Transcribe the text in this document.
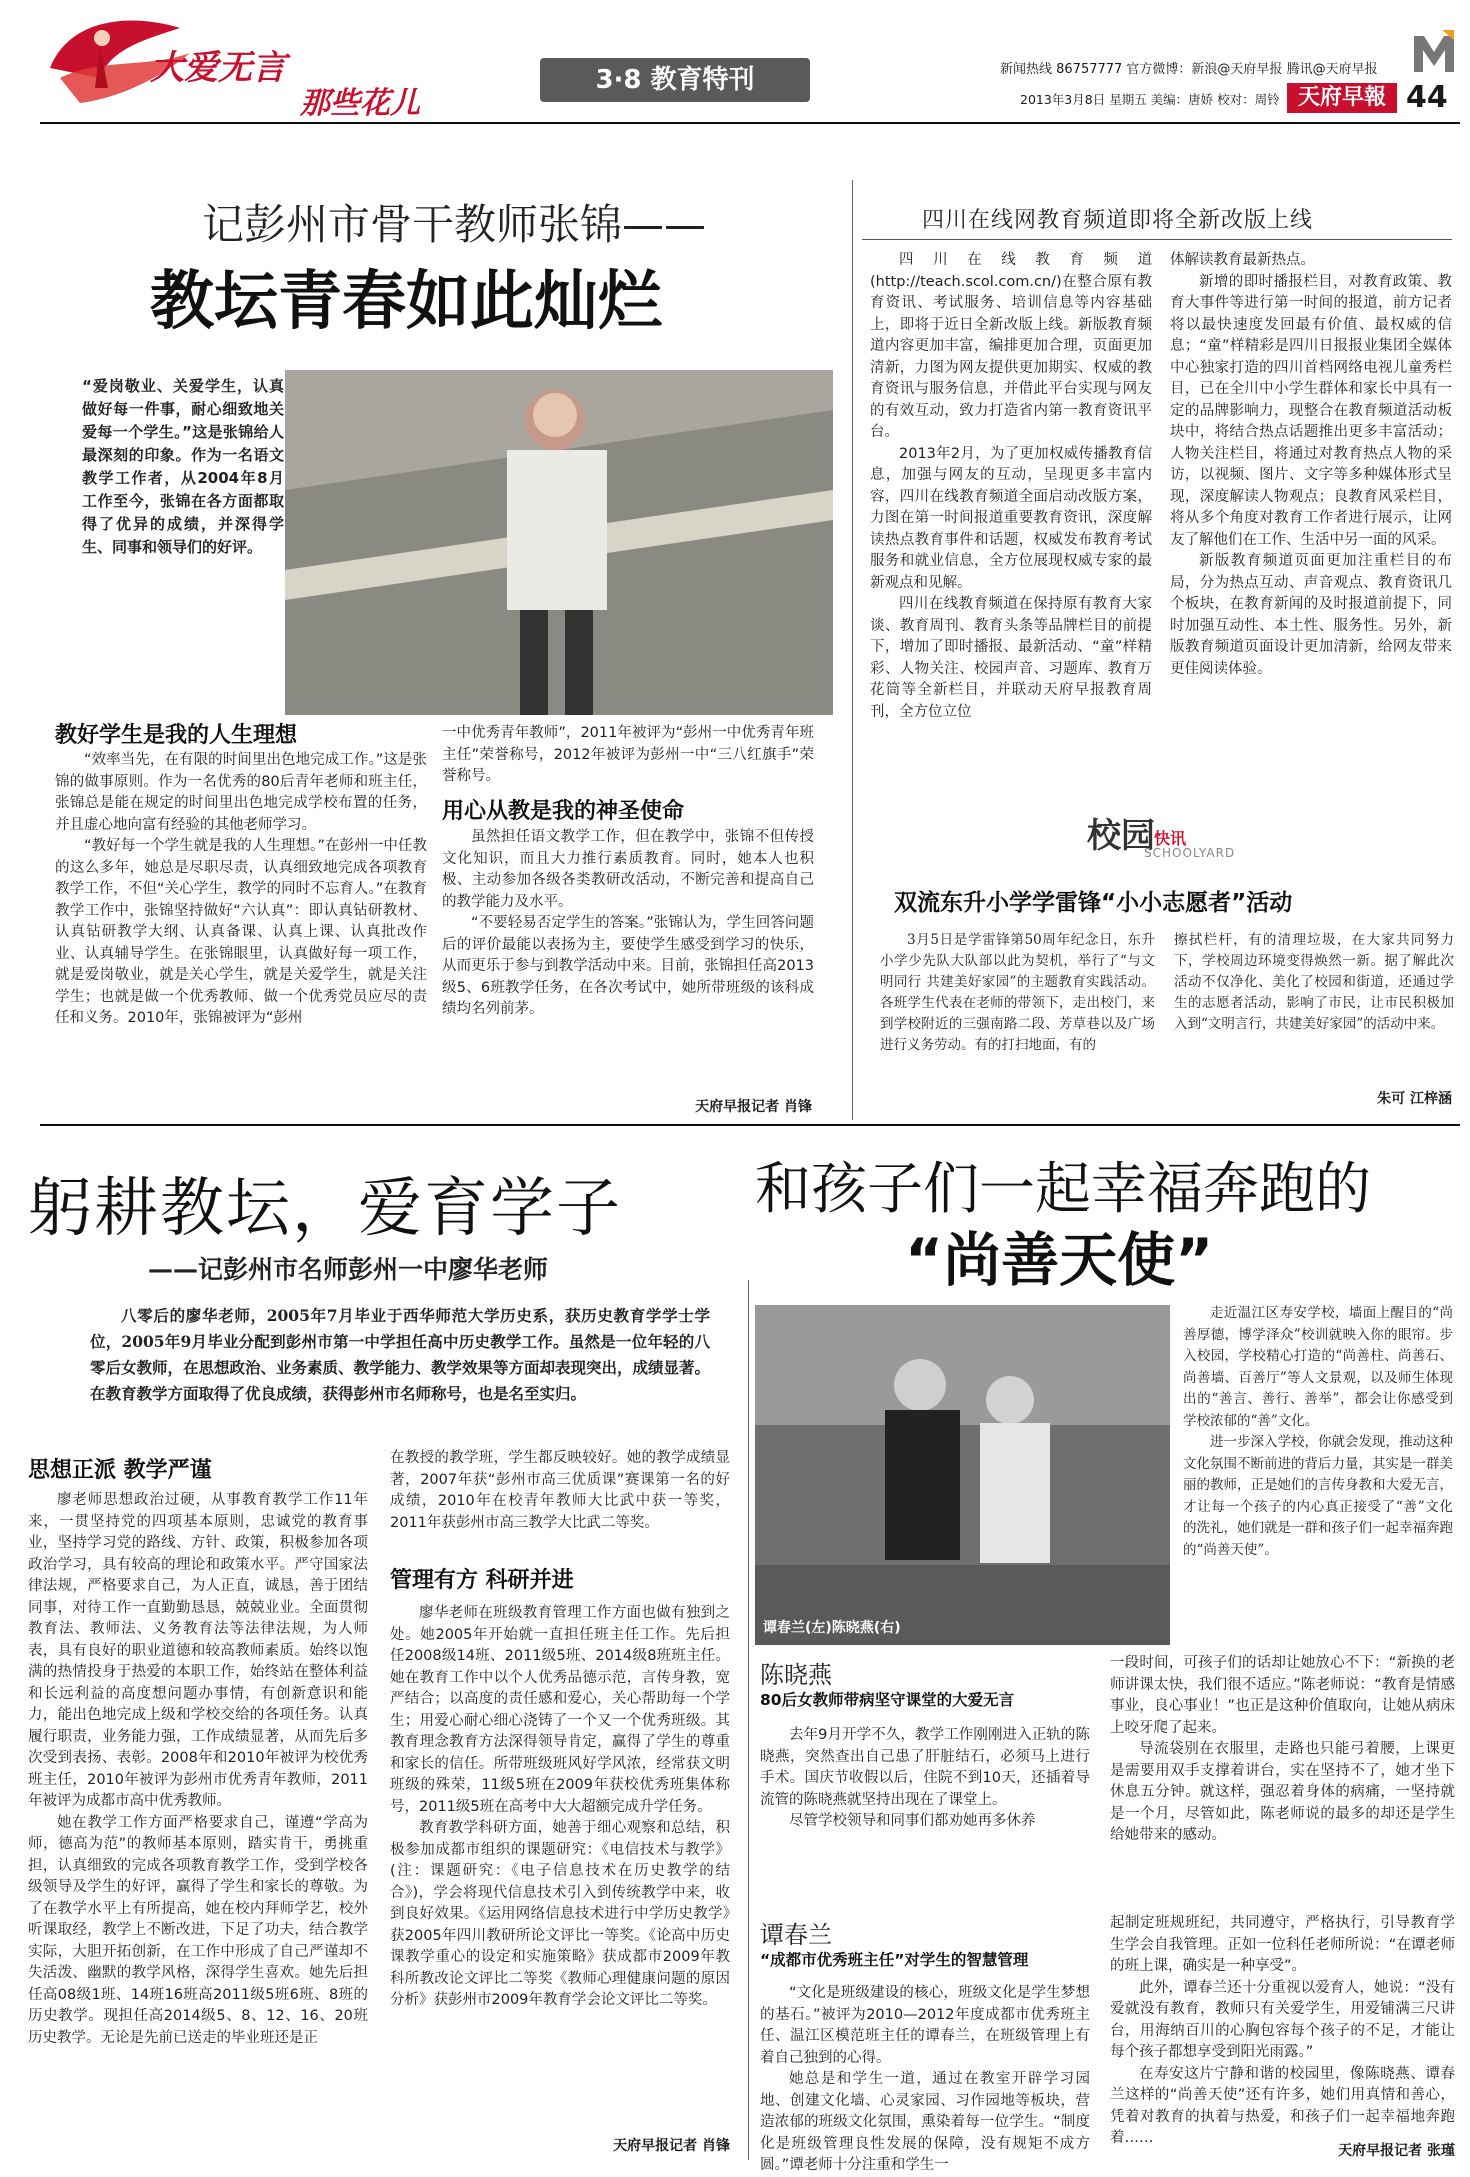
大爱无言
那些花儿
3·8 教育特刊	新闻热线 86757777 官方微博：新浪@天府早报 腾讯@天府早报
2013年3月8日 星期五 美编：唐娇 校对：周铃 天府早報 44
记彭州市骨干教师张锦——
教坛青春如此灿烂
“爱岗敬业、关爱学生，认真做好每一件事，耐心细致地关爱每一个学生。”这是张锦给人最深刻的印象。作为一名语文教学工作者，从2004年8月工作至今，张锦在各方面都取得了优异的成绩，并深得学生、同事和领导们的好评。
教好学生是我的人生理想

“效率当先，在有限的时间里出色地完成工作。”这是张锦的做事原则。作为一名优秀的80后青年老师和班主任，张锦总是能在规定的时间里出色地完成学校布置的任务，并且虚心地向富有经验的其他老师学习。

“教好每一个学生就是我的人生理想。”在彭州一中任教的这么多年，她总是尽职尽责，认真细致地完成各项教育教学工作，不但“关心学生，教学的同时不忘育人。”在教育教学工作中，张锦坚持做好“六认真”：即认真钻研教材、认真钻研教学大纲、认真备课、认真上课、认真批改作业、认真辅导学生。在张锦眼里，认真做好每一项工作，就是爱岗敬业，就是关心学生，就是关爱学生，就是关注学生；也就是做一个优秀教师、做一个优秀党员应尽的责任和义务。2010年，张锦被评为“彭州

一中优秀青年教师”，2011年被评为“彭州一中优秀青年班主任”荣誉称号，2012年被评为彭州一中“三八红旗手”荣誉称号。

用心从教是我的神圣使命

虽然担任语文教学工作，但在教学中，张锦不但传授文化知识，而且大力推行素质教育。同时，她本人也积极、主动参加各级各类教研改活动，不断完善和提高自己的教学能力及水平。

“不要轻易否定学生的答案。”张锦认为，学生回答问题后的评价最能以表扬为主，要使学生感受到学习的快乐，从而更乐于参与到教学活动中来。目前，张锦担任高2013级5、6班教学任务，在各次考试中，她所带班级的该科成绩均名列前茅。

天府早报记者 肖锋
四川在线网教育频道即将全新改版上线

四川在线教育频道(http://teach.scol.com.cn/)在整合原有教育资讯、考试服务、培训信息等内容基础上，即将于近日全新改版上线。新版教育频道内容更加丰富，编排更加合理，页面更加清新，力图为网友提供更加期实、权威的教育资讯与服务信息，并借此平台实现与网友的有效互动，致力打造省内第一教育资讯平台。

2013年2月，为了更加权威传播教育信息，加强与网友的互动，呈现更多丰富内容，四川在线教育频道全面启动改版方案，力图在第一时间报道重要教育资讯，深度解读热点教育事件和话题，权威发布教育考试服务和就业信息，全方位展现权威专家的最新观点和见解。

四川在线教育频道在保持原有教育大家谈、教育周刊、教育头条等品牌栏目的前提下，增加了即时播报、最新活动、“童”样精彩、人物关注、校园声音、习题库、教育万花筒等全新栏目，并联动天府早报教育周刊，全方位立位

体解读教育最新热点。

新增的即时播报栏目，对教育政策、教育大事件等进行第一时间的报道，前方记者将以最快速度发回最有价值、最权威的信息；“童”样精彩是四川日报报业集团全媒体中心独家打造的四川首档网络电视儿童秀栏目，已在全川中小学生群体和家长中具有一定的品牌影响力，现整合在教育频道活动板块中，将结合热点话题推出更多丰富活动；人物关注栏目，将通过对教育热点人物的采访，以视频、图片、文字等多种媒体形式呈现，深度解读人物观点；良教育风采栏目，将从多个角度对教育工作者进行展示，让网友了解他们在工作、生活中另一面的风采。

新版教育频道页面更加注重栏目的布局，分为热点互动、声音观点、教育资讯几个板块，在教育新闻的及时报道前提下，同时加强互动性、本土性、服务性。另外，新版教育频道页面设计更加清新，给网友带来更佳阅读体验。

校园 快讯
SCHOOLYARD
双流东升小学学雷锋“小小志愿者”活动
3月5日是学雷锋第50周年纪念日，东升小学少先队大队部以此为契机，举行了“与文明同行 共建美好家园”的主题教育实践活动。各班学生代表在老师的带领下，走出校门，来到学校附近的三强南路二段、芳草巷以及广场进行义务劳动。有的打扫地面，有的
擦拭栏杆，有的清理垃圾，在大家共同努力下，学校周边环境变得焕然一新。据了解此次活动不仅净化、美化了校园和街道，还通过学生的志愿者活动，影响了市民，让市民积极加入到“文明言行，共建美好家园”的活动中来。
朱可 江梓涵
躬耕教坛，爱育学子
——记彭州市名师彭州一中廖华老师
八零后的廖华老师，2005年7月毕业于西华师范大学历史系，获历史教育学学士学位，2005年9月毕业分配到彭州市第一中学担任高中历史教学工作。虽然是一位年轻的八零后女教师，在思想政治、业务素质、教学能力、教学效果等方面却表现突出，成绩显著。在教育教学方面取得了优良成绩，获得彭州市名师称号，也是名至实归。
思想正派 教学严谨

廖老师思想政治过硬，从事教育教学工作11年来，一贯坚持党的四项基本原则，忠诚党的教育事业，坚持学习党的路线、方针、政策，积极参加各项政治学习，具有较高的理论和政策水平。严守国家法律法规，严格要求自己，为人正直，诚恳，善于团结同事，对待工作一直勤勤恳恳，兢兢业业。全面贯彻教育法、教师法、义务教育法等法律法规，为人师表，具有良好的职业道德和较高教师素质。始终以饱满的热情投身于热爱的本职工作，始终站在整体利益和长远利益的高度想问题办事情，有创新意识和能力，能出色地完成上级和学校交给的各项任务。认真履行职责，业务能力强，工作成绩显著，从而先后多次受到表扬、表彰。2008年和2010年被评为校优秀班主任，2010年被评为彭州市优秀青年教师，2011年被评为成都市高中优秀教师。

她在教学工作方面严格要求自己，谨遵“学高为师，德高为范”的教师基本原则，踏实肯干，勇挑重担，认真细致的完成各项教育教学工作，受到学校各级领导及学生的好评，赢得了学生和家长的尊敬。为了在教学水平上有所提高，她在校内拜师学艺，校外听课取经，教学上不断改进，下足了功夫，结合教学实际，大胆开拓创新，在工作中形成了自己严谨却不失活泼、幽默的教学风格，深得学生喜欢。她先后担任高08级1班、14班16班高2011级5班6班、8班的历史教学。现担任高2014级5、8、12、16、20班历史教学。无论是先前已送走的毕业班还是正

在教授的教学班，学生都反映较好。她的教学成绩显著，2007年获“彭州市高三优质课”赛课第一名的好成绩，2010年在校青年教师大比武中获一等奖，2011年获彭州市高三教学大比武二等奖。

管理有方 科研并进

廖华老师在班级教育管理工作方面也做有独到之处。她2005年开始就一直担任班主任工作。先后担任2008级14班、2011级5班、2014级8班班主任。她在教育工作中以个人优秀品德示范，言传身教，宽严结合；以高度的责任感和爱心，关心帮助每一个学生；用爱心耐心细心浇铸了一个又一个优秀班级。其教育理念教育方法深得领导肯定，赢得了学生的尊重和家长的信任。所带班级班风好学风浓，经常获文明班级的殊荣，11级5班在2009年获校优秀班集体称号，2011级5班在高考中大大超额完成升学任务。

教育教学科研方面，她善于细心观察和总结，积极参加成都市组织的课题研究：《电信技术与教学》(注：课题研究：《电子信息技术在历史教学的结合》)，学会将现代信息技术引入到传统教学中来，收到良好效果。《运用网络信息技术进行中学历史教学》获2005年四川教研所论文评比一等奖。《论高中历史课教学重心的设定和实施策略》获成都市2009年教科所教改论文评比二等奖《教师心理健康问题的原因分析》获彭州市2009年教育学会论文评比二等奖。

天府早报记者 肖锋
和孩子们一起幸福奔跑的
“尚善天使”
谭春兰(左)陈晓燕(右)

走近温江区寿安学校，墙面上醒目的“尚善厚德，博学泽众”校训就映入你的眼帘。步入校园，学校精心打造的“尚善柱、尚善石、尚善墙、百善厅”等人文景观，以及师生体现出的“善言、善行、善举”，都会让你感受到学校浓郁的“善”文化。

进一步深入学校，你就会发现，推动这种文化氛围不断前进的背后力量，其实是一群美丽的教师，正是她们的言传身教和大爱无言，才让每一个孩子的内心真正接受了“善”文化的洗礼，她们就是一群和孩子们一起幸福奔跑的“尚善天使”。

陈晓燕
80后女教师带病坚守课堂的大爱无言

去年9月开学不久，教学工作刚刚进入正轨的陈晓燕，突然查出自己患了肝脏结石，必须马上进行手术。国庆节收假以后，住院不到10天，还插着导流管的陈晓燕就坚持出现在了课堂上。

尽管学校领导和同事们都劝她再多休养

一段时间，可孩子们的话却让她放心不下：“新换的老师讲课太快，我们很不适应。”陈老师说：“教育是情感事业，良心事业！”也正是这种价值取向，让她从病床上咬牙爬了起来。

导流袋别在衣服里，走路也只能弓着腰，上课更是需要用双手支撑着讲台，实在坚持不了，她才坐下休息五分钟。就这样，强忍着身体的病痛，一坚持就是一个月，尽管如此，陈老师说的最多的却还是学生给她带来的感动。

谭春兰
“成都市优秀班主任”对学生的智慧管理

“文化是班级建设的核心，班级文化是学生梦想的基石。”被评为2010—2012年度成都市优秀班主任、温江区模范班主任的谭春兰，在班级管理上有着自己独到的心得。

她总是和学生一道，通过在教室开辟学习园地、创建文化墙、心灵家园、习作园地等板块，营造浓郁的班级文化氛围，熏染着每一位学生。“制度化是班级管理良性发展的保障，没有规矩不成方圆。”谭老师十分注重和学生一

起制定班规班纪，共同遵守，严格执行，引导教育学生学会自我管理。正如一位科任老师所说：“在谭老师的班上课，确实是一种享受”。

此外，谭春兰还十分重视以爱育人，她说：“没有爱就没有教育，教师只有关爱学生，用爱铺满三尺讲台，用海纳百川的心胸包容每个孩子的不足，才能让每个孩子都想享受到阳光雨露。”

在寿安这片宁静和谐的校园里，像陈晓燕、谭春兰这样的“尚善天使”还有许多，她们用真情和善心，凭着对教育的执着与热爱，和孩子们一起幸福地奔跑着……

天府早报记者 张瑾
